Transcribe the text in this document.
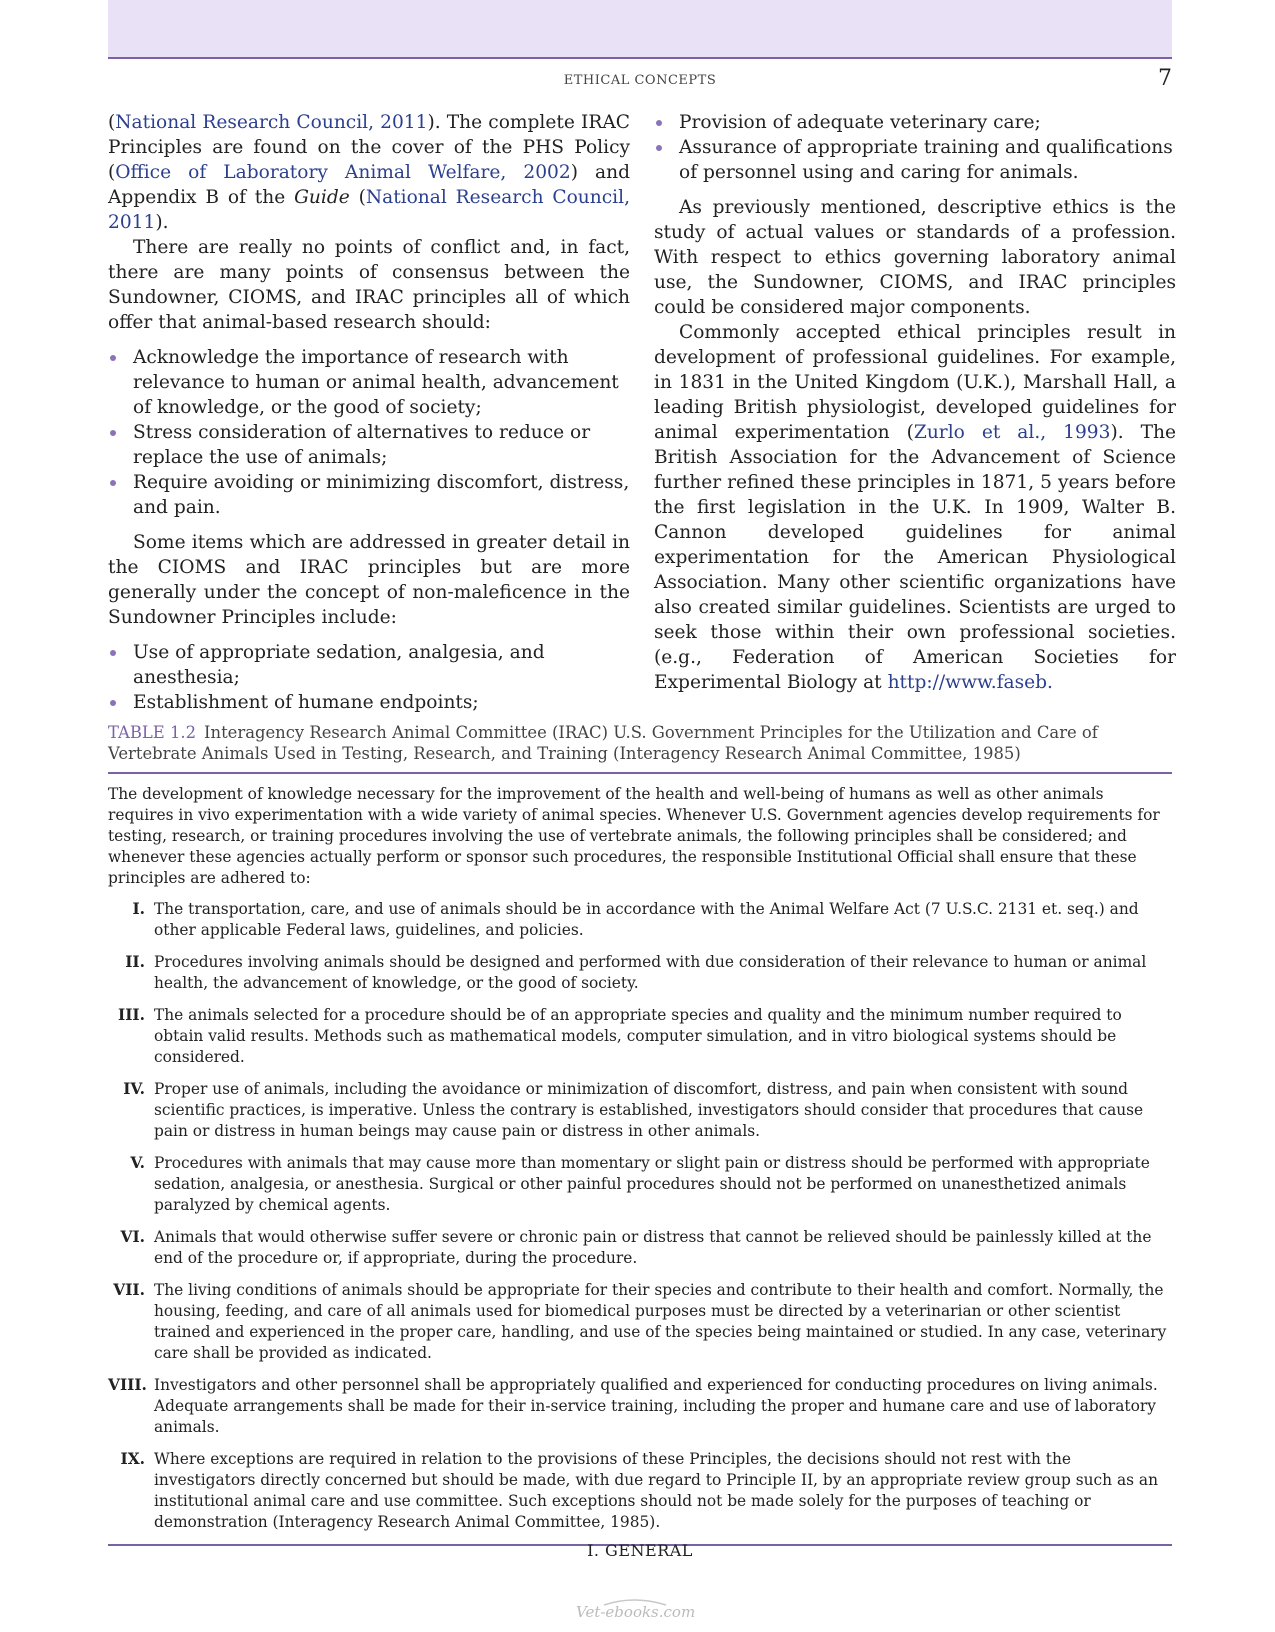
ETHICAL CONCEPTS	7

(National Research Council, 2011). The complete IRAC Principles are found on the cover of the PHS Policy (Office of Laboratory Animal Welfare, 2002) and Appendix B of the Guide (National Research Council, 2011).

There are really no points of conflict and, in fact, there are many points of consensus between the Sundowner, CIOMS, and IRAC principles all of which offer that animal-based research should:

Acknowledge the importance of research with relevance to human or animal health, advancement of knowledge, or the good of society;
Stress consideration of alternatives to reduce or replace the use of animals;
Require avoiding or minimizing discomfort, distress, and pain.

Some items which are addressed in greater detail in the CIOMS and IRAC principles but are more generally under the concept of non-maleficence in the Sundowner Principles include:

Use of appropriate sedation, analgesia, and anesthesia;
Establishment of humane endpoints;
Provision of adequate veterinary care;
Assurance of appropriate training and qualifications of personnel using and caring for animals.

As previously mentioned, descriptive ethics is the study of actual values or standards of a profession. With respect to ethics governing laboratory animal use, the Sundowner, CIOMS, and IRAC principles could be considered major components.

Commonly accepted ethical principles result in development of professional guidelines. For example, in 1831 in the United Kingdom (U.K.), Marshall Hall, a leading British physiologist, developed guidelines for animal experimentation (Zurlo et al., 1993). The British Association for the Advancement of Science further refined these principles in 1871, 5 years before the first legislation in the U.K. In 1909, Walter B. Cannon developed guidelines for animal experimentation for the American Physiological Association. Many other scientific organizations have also created similar guidelines. Scientists are urged to seek those within their own professional societies. (e.g., Federation of American Societies for Experimental Biology at http://www.faseb.

TABLE 1.2 Interagency Research Animal Committee (IRAC) U.S. Government Principles for the Utilization and Care of Vertebrate Animals Used in Testing, Research, and Training (Interagency Research Animal Committee, 1985)

The development of knowledge necessary for the improvement of the health and well-being of humans as well as other animals requires in vivo experimentation with a wide variety of animal species. Whenever U.S. Government agencies develop requirements for testing, research, or training procedures involving the use of vertebrate animals, the following principles shall be considered; and whenever these agencies actually perform or sponsor such procedures, the responsible Institutional Official shall ensure that these principles are adhered to:

I. The transportation, care, and use of animals should be in accordance with the Animal Welfare Act (7 U.S.C. 2131 et. seq.) and other applicable Federal laws, guidelines, and policies.
II. Procedures involving animals should be designed and performed with due consideration of their relevance to human or animal health, the advancement of knowledge, or the good of society.
III. The animals selected for a procedure should be of an appropriate species and quality and the minimum number required to obtain valid results. Methods such as mathematical models, computer simulation, and in vitro biological systems should be considered.
IV. Proper use of animals, including the avoidance or minimization of discomfort, distress, and pain when consistent with sound scientific practices, is imperative. Unless the contrary is established, investigators should consider that procedures that cause pain or distress in human beings may cause pain or distress in other animals.
V. Procedures with animals that may cause more than momentary or slight pain or distress should be performed with appropriate sedation, analgesia, or anesthesia. Surgical or other painful procedures should not be performed on unanesthetized animals paralyzed by chemical agents.
VI. Animals that would otherwise suffer severe or chronic pain or distress that cannot be relieved should be painlessly killed at the end of the procedure or, if appropriate, during the procedure.
VII. The living conditions of animals should be appropriate for their species and contribute to their health and comfort. Normally, the housing, feeding, and care of all animals used for biomedical purposes must be directed by a veterinarian or other scientist trained and experienced in the proper care, handling, and use of the species being maintained or studied. In any case, veterinary care shall be provided as indicated.
VIII. Investigators and other personnel shall be appropriately qualified and experienced for conducting procedures on living animals. Adequate arrangements shall be made for their in-service training, including the proper and humane care and use of laboratory animals.
IX. Where exceptions are required in relation to the provisions of these Principles, the decisions should not rest with the investigators directly concerned but should be made, with due regard to Principle II, by an appropriate review group such as an institutional animal care and use committee. Such exceptions should not be made solely for the purposes of teaching or demonstration (Interagency Research Animal Committee, 1985).
I. GENERAL
Vet-ebooks.com
